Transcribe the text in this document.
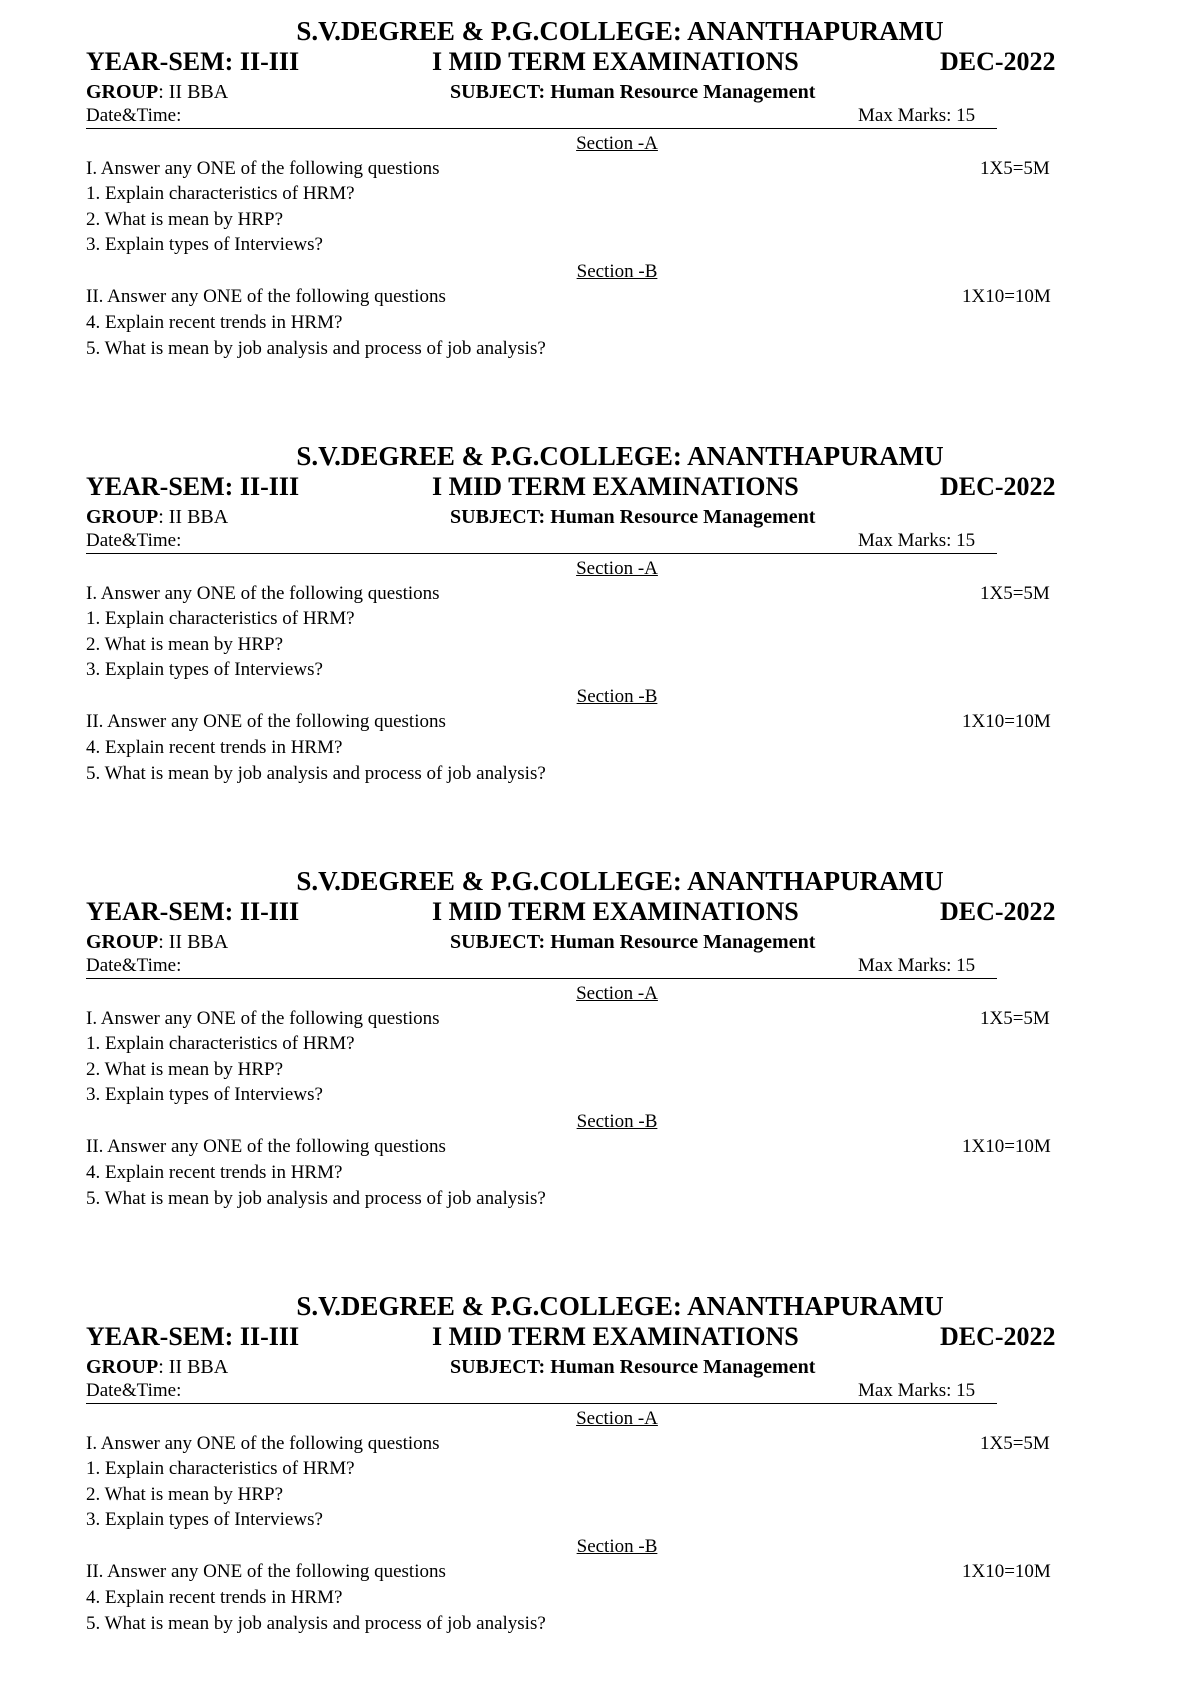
S.V.DEGREE & P.G.COLLEGE: ANANTHAPURAMU
YEAR-SEM: II-III	I MID TERM EXAMINATIONS	DEC-2022
GROUP: II BBA	SUBJECT: Human Resource Management
Date&Time:	Max Marks: 15
Section -A
I. Answer any ONE of the following questions	1X5=5M
1. Explain characteristics of HRM?
2. What is mean by HRP?
3. Explain types of Interviews?
Section -B
II. Answer any ONE of the following questions	1X10=10M
4. Explain recent trends in HRM?
5. What is mean by job analysis and process of job analysis?
S.V.DEGREE & P.G.COLLEGE: ANANTHAPURAMU
YEAR-SEM: II-III	I MID TERM EXAMINATIONS	DEC-2022
GROUP: II BBA	SUBJECT: Human Resource Management
Date&Time:	Max Marks: 15
Section -A
I. Answer any ONE of the following questions	1X5=5M
1. Explain characteristics of HRM?
2. What is mean by HRP?
3. Explain types of Interviews?
Section -B
II. Answer any ONE of the following questions	1X10=10M
4. Explain recent trends in HRM?
5. What is mean by job analysis and process of job analysis?
S.V.DEGREE & P.G.COLLEGE: ANANTHAPURAMU
YEAR-SEM: II-III	I MID TERM EXAMINATIONS	DEC-2022
GROUP: II BBA	SUBJECT: Human Resource Management
Date&Time:	Max Marks: 15
Section -A
I. Answer any ONE of the following questions	1X5=5M
1. Explain characteristics of HRM?
2. What is mean by HRP?
3. Explain types of Interviews?
Section -B
II. Answer any ONE of the following questions	1X10=10M
4. Explain recent trends in HRM?
5. What is mean by job analysis and process of job analysis?
S.V.DEGREE & P.G.COLLEGE: ANANTHAPURAMU
YEAR-SEM: II-III	I MID TERM EXAMINATIONS	DEC-2022
GROUP: II BBA	SUBJECT: Human Resource Management
Date&Time:	Max Marks: 15
Section -A
I. Answer any ONE of the following questions	1X5=5M
1. Explain characteristics of HRM?
2. What is mean by HRP?
3. Explain types of Interviews?
Section -B
II. Answer any ONE of the following questions	1X10=10M
4. Explain recent trends in HRM?
5. What is mean by job analysis and process of job analysis?
